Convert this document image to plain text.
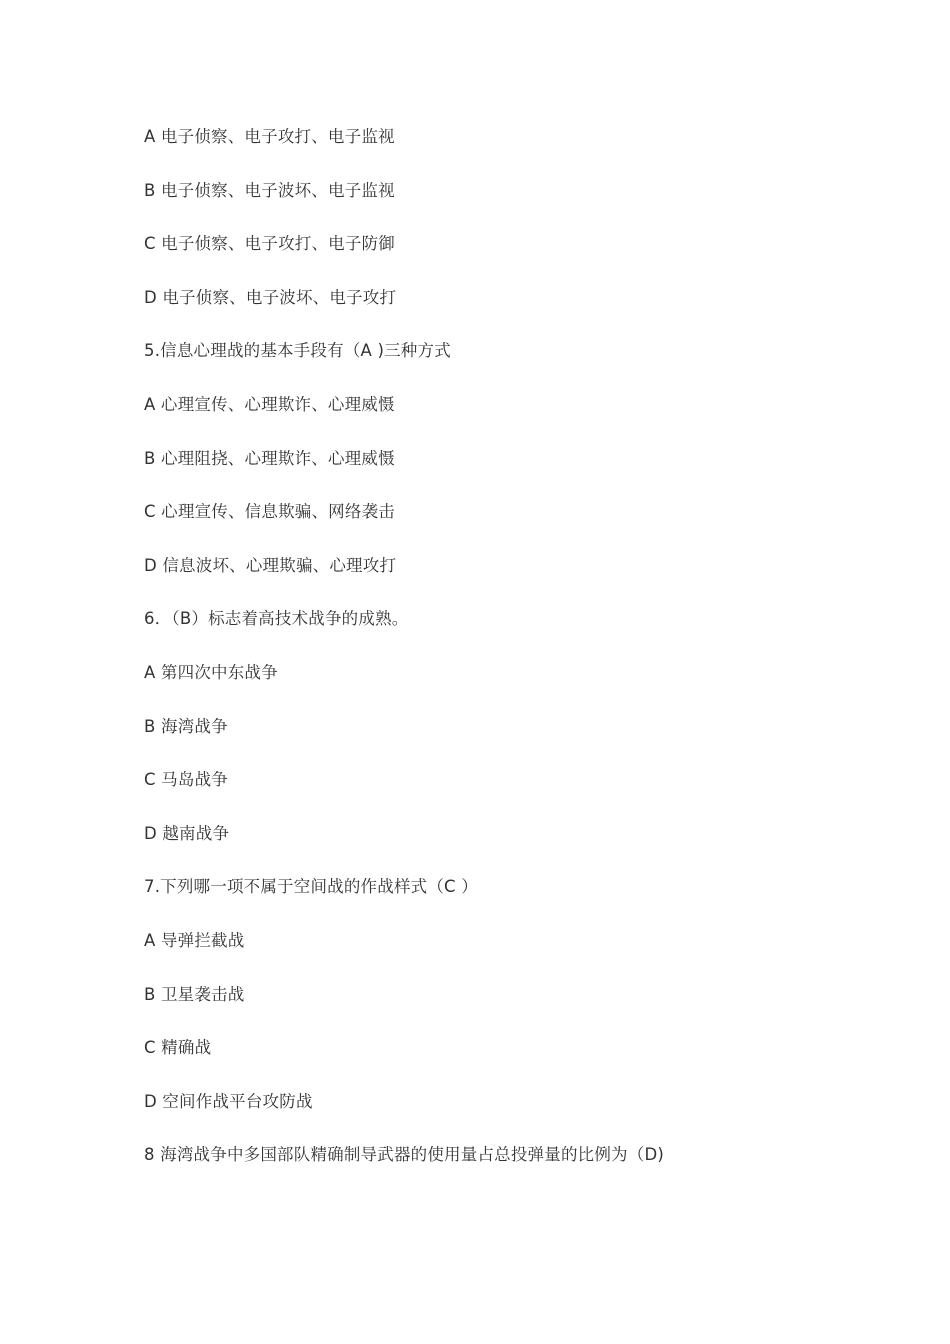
A 电子侦察、电子攻打、电子监视
B 电子侦察、电子波坏、电子监视
C 电子侦察、电子攻打、电子防御
D 电子侦察、电子波坏、电子攻打
5.信息心理战的基本手段有（A )三种方式
A 心理宣传、心理欺诈、心理威慑
B 心理阻挠、心理欺诈、心理威慑
C 心理宣传、信息欺骗、网络袭击
D 信息波坏、心理欺骗、心理攻打
6．（B）标志着高技术战争的成熟。
A 第四次中东战争
B 海湾战争
C 马岛战争
D 越南战争
7.下列哪一项不属于空间战的作战样式（C ）
A 导弹拦截战
B 卫星袭击战
C 精确战
D 空间作战平台攻防战
8 海湾战争中多国部队精确制导武器的使用量占总投弹量的比例为（D)
